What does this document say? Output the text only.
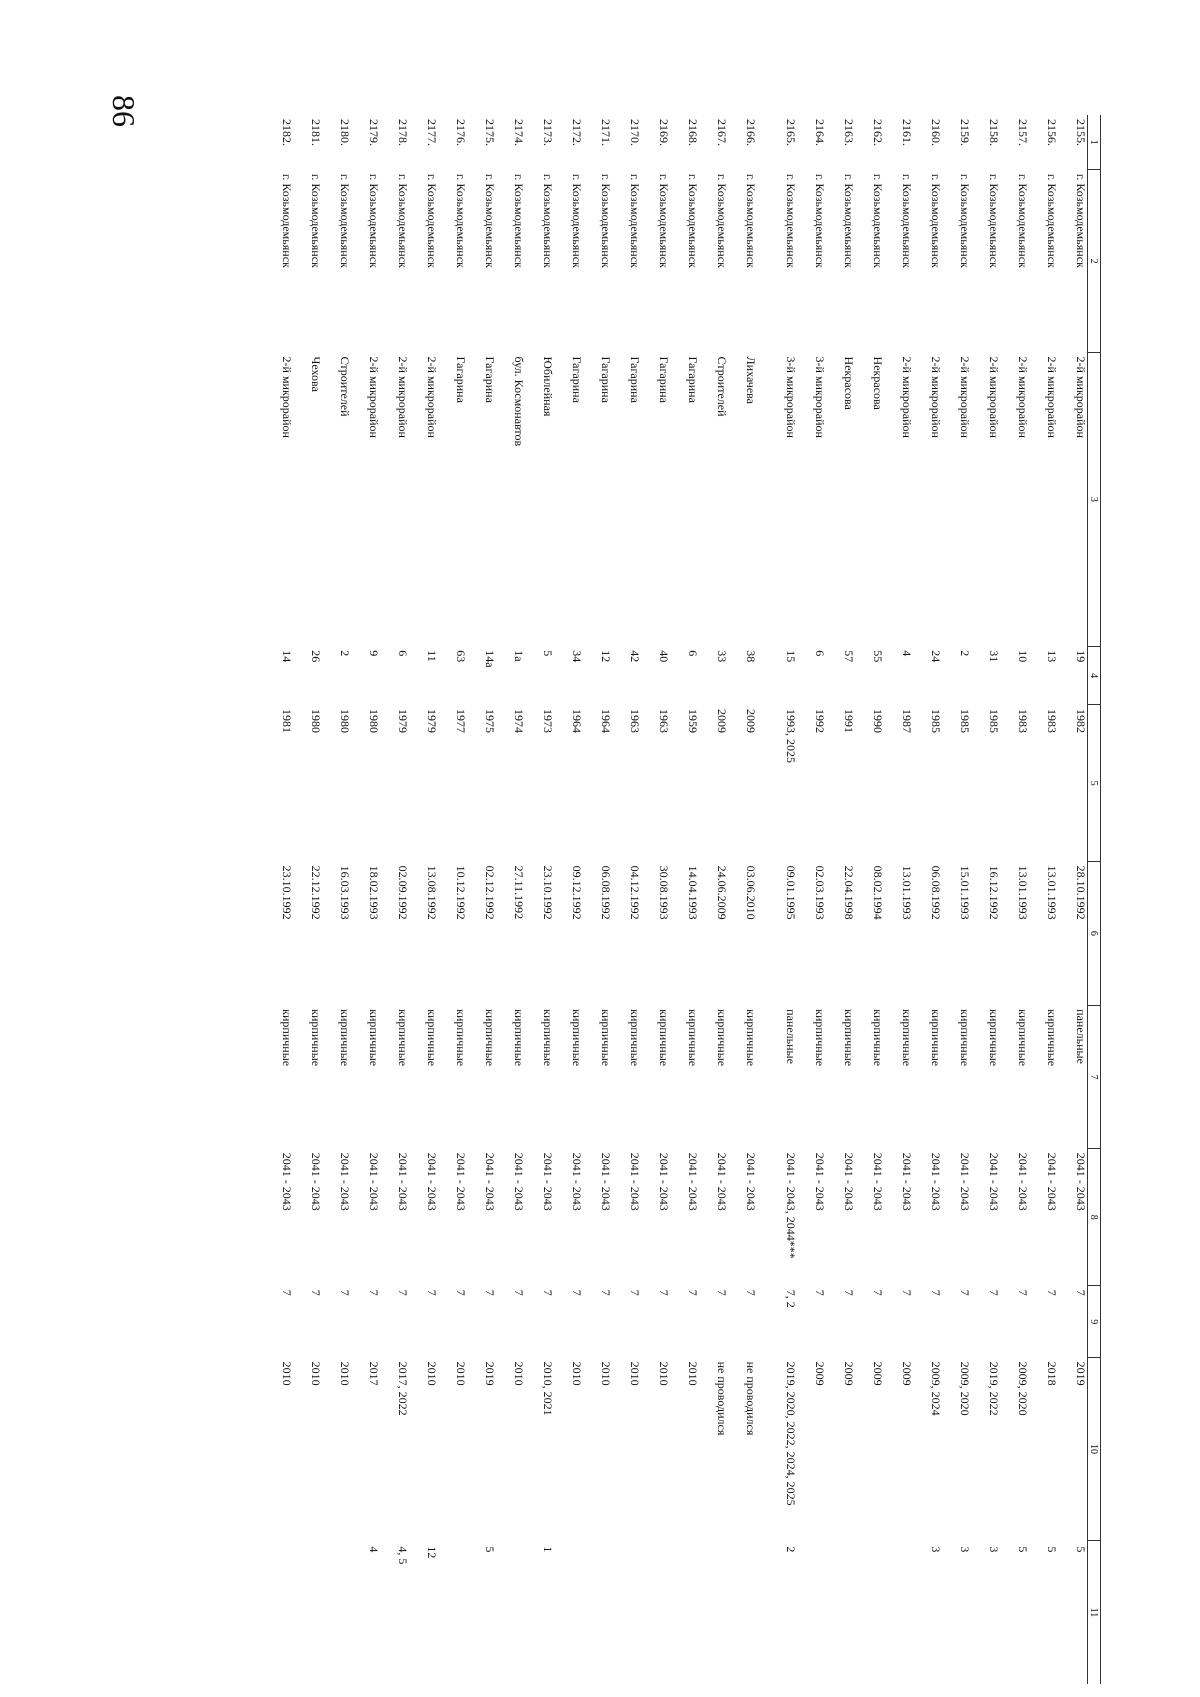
86
1	2	3	4	5	6	7	8	9	10	11
2155.	г. Козьмодемьянск	2-й микрорайон	19	1982	28.10.1992	панельные	2041 - 2043	7	2019	5
2156.	г. Козьмодемьянск	2-й микрорайон	13	1983	13.01.1993	кирпичные	2041 - 2043	7	2018	5
2157.	г. Козьмодемьянск	2-й микрорайон	10	1983	13.01.1993	кирпичные	2041 - 2043	7	2009, 2020	5
2158.	г. Козьмодемьянск	2-й микрорайон	31	1985	16.12.1992	кирпичные	2041 - 2043	7	2019, 2022	3
2159.	г. Козьмодемьянск	2-й микрорайон	2	1985	15.01.1993	кирпичные	2041 - 2043	7	2009, 2020	3
2160.	г. Козьмодемьянск	2-й микрорайон	24	1985	06.08.1992	кирпичные	2041 - 2043	7	2009, 2024	3
2161.	г. Козьмодемьянск	2-й микрорайон	4	1987	13.01.1993	кирпичные	2041 - 2043	7	2009	
2162.	г. Козьмодемьянск	Некрасова	55	1990	08.02.1994	кирпичные	2041 - 2043	7	2009	
2163.	г. Козьмодемьянск	Некрасова	57	1991	22.04.1998	кирпичные	2041 - 2043	7	2009	
2164.	г. Козьмодемьянск	3-й микрорайон	6	1992	02.03.1993	кирпичные	2041 - 2043	7	2009	
2165.	г. Козьмодемьянск	3-й микрорайон	15	1993, 2025	09.01.1995	панельные	2041 - 2043, 2044***	7, 2	2019, 2020, 2022, 2024, 2025	2
2166.	г. Козьмодемьянск	Лихачева	38	2009	03.06.2010	кирпичные	2041 - 2043	7	не проводился	
2167.	г. Козьмодемьянск	Строителей	33	2009	24.06.2009	кирпичные	2041 - 2043	7	не проводился	
2168.	г. Козьмодемьянск	Гагарина	6	1959	14.04.1993	кирпичные	2041 - 2043	7	2010	
2169.	г. Козьмодемьянск	Гагарина	40	1963	30.08.1993	кирпичные	2041 - 2043	7	2010	
2170.	г. Козьмодемьянск	Гагарина	42	1963	04.12.1992	кирпичные	2041 - 2043	7	2010	
2171.	г. Козьмодемьянск	Гагарина	12	1964	06.08.1992	кирпичные	2041 - 2043	7	2010	
2172.	г. Козьмодемьянск	Гагарина	34	1964	09.12.1992	кирпичные	2041 - 2043	7	2010	
2173.	г. Козьмодемьянск	Юбилейная	5	1973	23.10.1992	кирпичные	2041 - 2043	7	2010, 2021	1
2174.	г. Козьмодемьянск	бул. Космонавтов	1а	1974	27.11.1992	кирпичные	2041 - 2043	7	2010	
2175.	г. Козьмодемьянск	Гагарина	14а	1975	02.12.1992	кирпичные	2041 - 2043	7	2019	5
2176.	г. Козьмодемьянск	Гагарина	63	1977	10.12.1992	кирпичные	2041 - 2043	7	2010	
2177.	г. Козьмодемьянск	2-й микрорайон	11	1979	13.08.1992	кирпичные	2041 - 2043	7	2010	12
2178.	г. Козьмодемьянск	2-й микрорайон	6	1979	02.09.1992	кирпичные	2041 - 2043	7	2017, 2022	4, 5
2179.	г. Козьмодемьянск	2-й микрорайон	9	1980	18.02.1993	кирпичные	2041 - 2043	7	2017	4
2180.	г. Козьмодемьянск	Строителей	2	1980	16.03.1993	кирпичные	2041 - 2043	7	2010	
2181.	г. Козьмодемьянск	Чехова	26	1980	22.12.1992	кирпичные	2041 - 2043	7	2010	
2182.	г. Козьмодемьянск	2-й микрорайон	14	1981	23.10.1992	кирпичные	2041 - 2043	7	2010	
